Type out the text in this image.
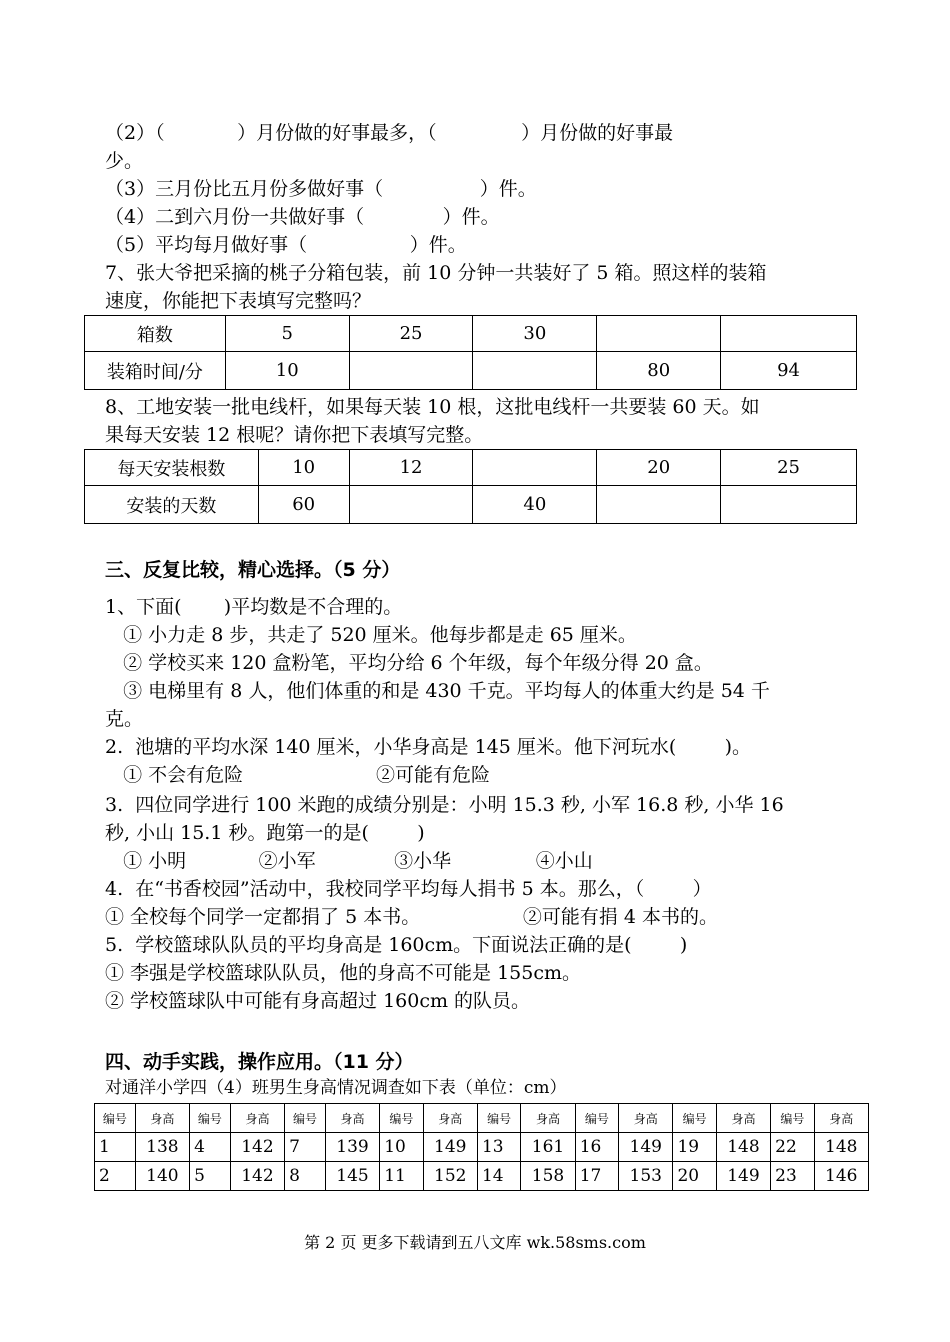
（2）（            ）月份做的好事最多，（              ）月份做的好事最
少。
（3）三月份比五月份多做好事（                ）件。
（4）二到六月份一共做好事（             ）件。
（5）平均每月做好事（                 ）件。
7、张大爷把采摘的桃子分箱包装，前 10 分钟一共装好了 5 箱。照这样的装箱
速度，你能把下表填写完整吗？
箱数	5	25	30		
装箱时间/分	10			80	94
8、工地安装一批电线杆，如果每天装 10 根，这批电线杆一共要装 60 天。如
果每天安装 12 根呢？请你把下表填写完整。
每天安装根数	10	12		20	25
安装的天数	60		40		
三、反复比较，精心选择。（5 分）
1、下面(       )平均数是不合理的。
① 小力走 8 步，共走了 520 厘米。他每步都是走 65 厘米。
② 学校买来 120 盒粉笔，平均分给 6 个年级，每个年级分得 20 盒。
③ 电梯里有 8 人，他们体重的和是 430 千克。平均每人的体重大约是 54 千
克。
2.  池塘的平均水深 140 厘米，小华身高是 145 厘米。他下河玩水(        )。
① 不会有危险                      ②可能有危险
3.  四位同学进行 100 米跑的成绩分别是：小明 15.3 秒, 小军 16.8 秒, 小华 16
秒, 小山 15.1 秒。跑第一的是(        )
① 小明            ②小军             ③小华              ④小山
4.  在“书香校园”活动中，我校同学平均每人捐书 5 本。那么，（        ）
① 全校每个同学一定都捐了 5 本书。                 ②可能有捐 4 本书的。
5.  学校篮球队队员的平均身高是 160cm。下面说法正确的是(        )
① 李强是学校篮球队队员，他的身高不可能是 155cm。
② 学校篮球队中可能有身高超过 160cm 的队员。
四、动手实践，操作应用。（11 分）
对通洋小学四（4）班男生身高情况调查如下表（单位：cm）
编号	身高	编号	身高	编号	身高	编号	身高	编号	身高	编号	身高	编号	身高	编号	身高
1	138	4	142	7	139	10	149	13	161	16	149	19	148	22	148
2	140	5	142	8	145	11	152	14	158	17	153	20	149	23	146
第 2 页 更多下载请到五八文库 wk.58sms.com
